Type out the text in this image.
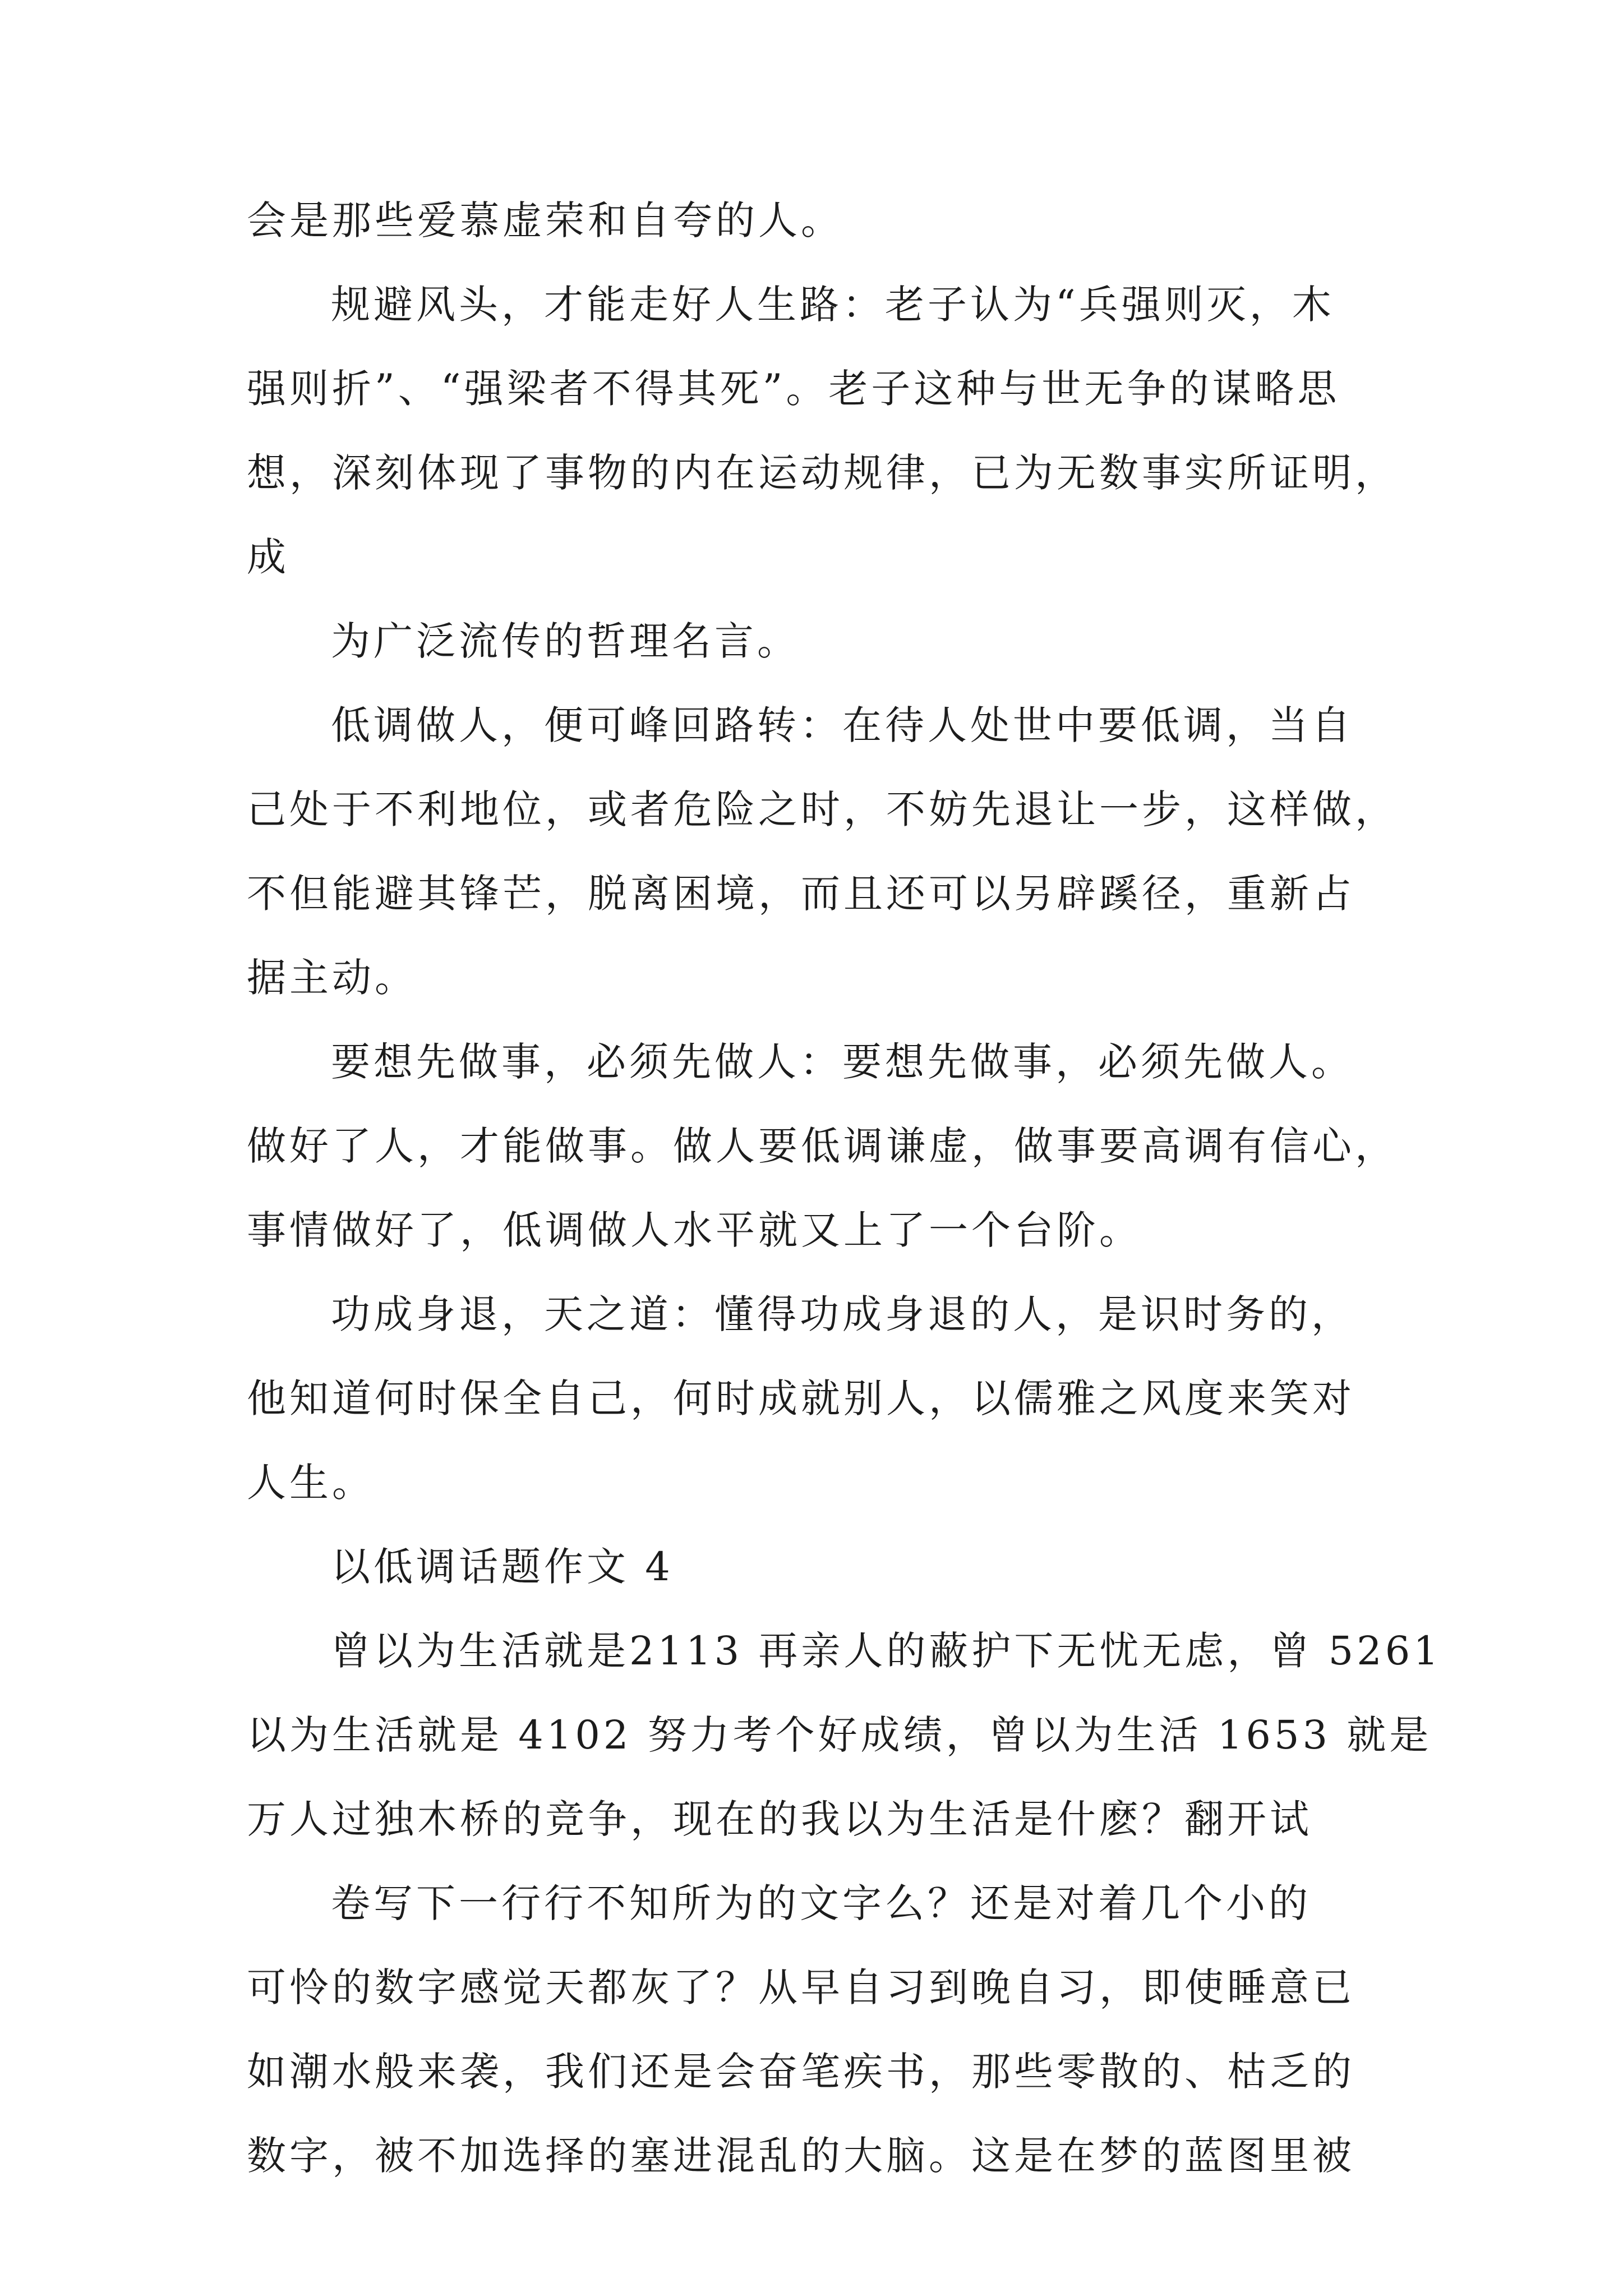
会是那些爱慕虚荣和自夸的人。
规避风头，才能走好人生路：老子认为“兵强则灭，木
强则折”、“强梁者不得其死”。老子这种与世无争的谋略思
想，深刻体现了事物的内在运动规律，已为无数事实所证明，
成
为广泛流传的哲理名言。
低调做人，便可峰回路转：在待人处世中要低调，当自
己处于不利地位，或者危险之时，不妨先退让一步，这样做，
不但能避其锋芒，脱离困境，而且还可以另辟蹊径，重新占
据主动。
要想先做事，必须先做人：要想先做事，必须先做人。
做好了人，才能做事。做人要低调谦虚，做事要高调有信心，
事情做好了，低调做人水平就又上了一个台阶。
功成身退，天之道：懂得功成身退的人，是识时务的，
他知道何时保全自己，何时成就别人，以儒雅之风度来笑对
人生。
以低调话题作文 4
曾以为生活就是2113 再亲人的蔽护下无忧无虑，曾 5261
以为生活就是 4102 努力考个好成绩，曾以为生活 1653 就是
万人过独木桥的竞争，现在的我以为生活是什麽？翻开试
卷写下一行行不知所为的文字么？还是对着几个小的
可怜的数字感觉天都灰了？从早自习到晚自习，即使睡意已
如潮水般来袭，我们还是会奋笔疾书，那些零散的、枯乏的
数字，被不加选择的塞进混乱的大脑。这是在梦的蓝图里被
